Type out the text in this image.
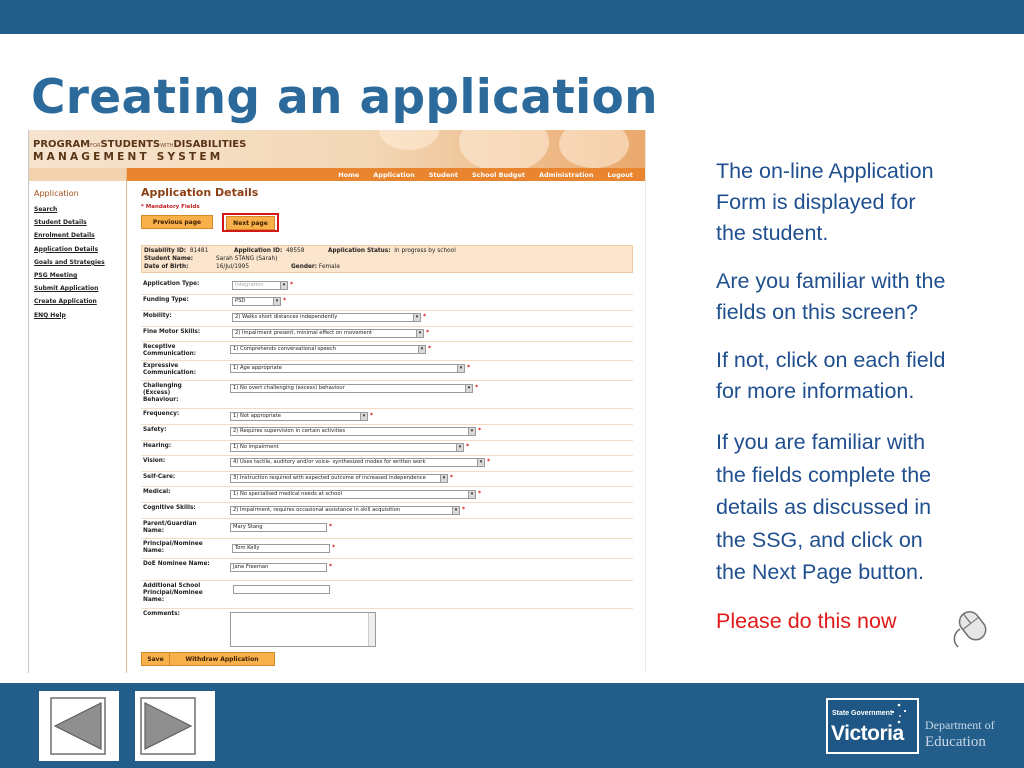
Creating an application
PROGRAMFORSTUDENTSWITHDISABILITIES
MANAGEMENT SYSTEM
Home Application Student School Budget Administration Logout
Application
Search
Student Details
Enrolment Details
Application Details
Goals and Strategies
PSG Meeting
Submit Application
Create Application
ENQ Help
Application Details
* Mandatory Fields
Previous page	Next page
Disability ID: 81481	Application ID: 48558	Application Status: In progress by school
Student Name:	Sarah STANG (Sarah)
Date of Birth:	16/Jul/1995	Gender: Female
Application Type:	Integration	▾ *
Funding Type:	PSD	▾ *
Mobility:	2) Walks short distances independently	▾ *
Fine Motor Skills:	2) Impairment present, minimal effect on movement	▾ *
Receptive Communication:
1) Comprehends conversational speech	▾ *
Expressive Communication:
1) Age appropriate	▾ *
Challenging (Excess) Behaviour:
1) No overt challenging (excess) behaviour	▾ *
Frequency:	1) Not appropriate	▾ *
Safety:	2) Requires supervision in certain activities	▾ *
Hearing:	1) No impairment	▾ *
Vision:	4) Uses tactile, auditory and/or voice- synthesized modes for written work	▾ *
Self-Care:	3) Instruction required with expected outcome of increased independence	▾ *
Medical:	1) No specialised medical needs at school	▾ *
Cognitive Skills:	2) Impairment, requires occasional assistance in skill acquisition	▾ *
Parent/Guardian Name:
Mary Stang	*
Principal/Nominee Name:	Tom Kelly	*
DoE Nominee Name:	Jane Freeman	*
Additional School Principal/Nominee Name:
Comments:
Save	Withdraw Application
The on-line Application
Form is displayed for
the student.
Are you familiar with the
fields on this screen?
If not, click on each field
for more information.
If you are familiar with
the fields complete the
details as discussed in
the SSG, and click on
the Next Page button.
Please do this now
State Government
Victoria Department of
Education
